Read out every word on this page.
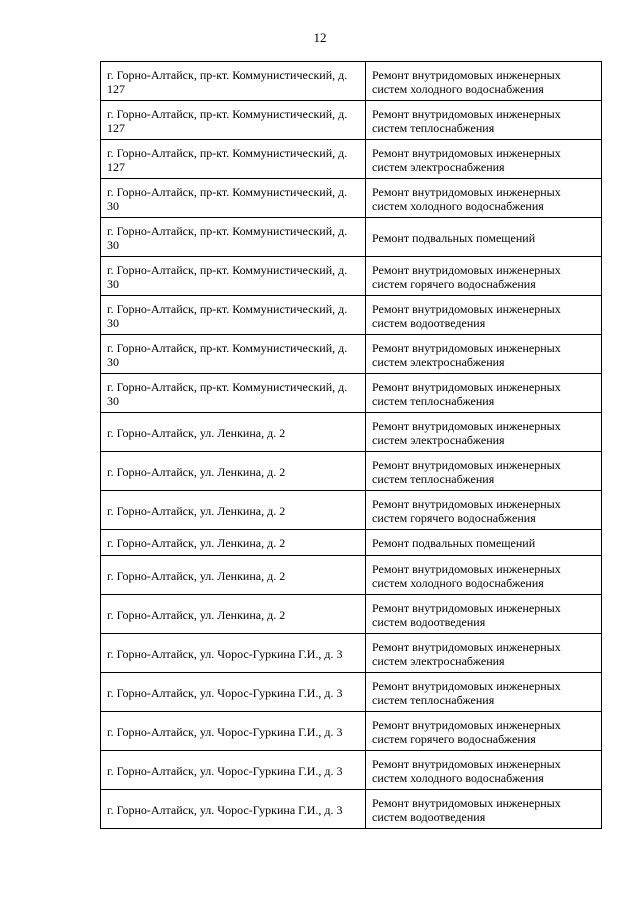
12
г. Горно-Алтайск, пр-кт. Коммунистический, д. 127	Ремонт внутридомовых инженерных систем холодного водоснабжения

г. Горно-Алтайск, пр-кт. Коммунистический, д. 127	Ремонт внутридомовых инженерных систем теплоснабжения

г. Горно-Алтайск, пр-кт. Коммунистический, д. 127	Ремонт внутридомовых инженерных систем электроснабжения

г. Горно-Алтайск, пр-кт. Коммунистический, д. 30	Ремонт внутридомовых инженерных систем холодного водоснабжения

г. Горно-Алтайск, пр-кт. Коммунистический, д. 30	Ремонт подвальных помещений

г. Горно-Алтайск, пр-кт. Коммунистический, д. 30	Ремонт внутридомовых инженерных систем горячего водоснабжения

г. Горно-Алтайск, пр-кт. Коммунистический, д. 30	Ремонт внутридомовых инженерных систем водоотведения

г. Горно-Алтайск, пр-кт. Коммунистический, д. 30	Ремонт внутридомовых инженерных систем электроснабжения

г. Горно-Алтайск, пр-кт. Коммунистический, д. 30	Ремонт внутридомовых инженерных систем теплоснабжения

г. Горно-Алтайск, ул. Ленкина, д. 2	Ремонт внутридомовых инженерных систем электроснабжения

г. Горно-Алтайск, ул. Ленкина, д. 2	Ремонт внутридомовых инженерных систем теплоснабжения

г. Горно-Алтайск, ул. Ленкина, д. 2	Ремонт внутридомовых инженерных систем горячего водоснабжения

г. Горно-Алтайск, ул. Ленкина, д. 2	Ремонт подвальных помещений

г. Горно-Алтайск, ул. Ленкина, д. 2	Ремонт внутридомовых инженерных систем холодного водоснабжения

г. Горно-Алтайск, ул. Ленкина, д. 2	Ремонт внутридомовых инженерных систем водоотведения

г. Горно-Алтайск, ул. Чорос-Гуркина Г.И., д. 3	Ремонт внутридомовых инженерных систем электроснабжения

г. Горно-Алтайск, ул. Чорос-Гуркина Г.И., д. 3	Ремонт внутридомовых инженерных систем теплоснабжения

г. Горно-Алтайск, ул. Чорос-Гуркина Г.И., д. 3	Ремонт внутридомовых инженерных систем горячего водоснабжения

г. Горно-Алтайск, ул. Чорос-Гуркина Г.И., д. 3	Ремонт внутридомовых инженерных систем холодного водоснабжения

г. Горно-Алтайск, ул. Чорос-Гуркина Г.И., д. 3	Ремонт внутридомовых инженерных систем водоотведения
